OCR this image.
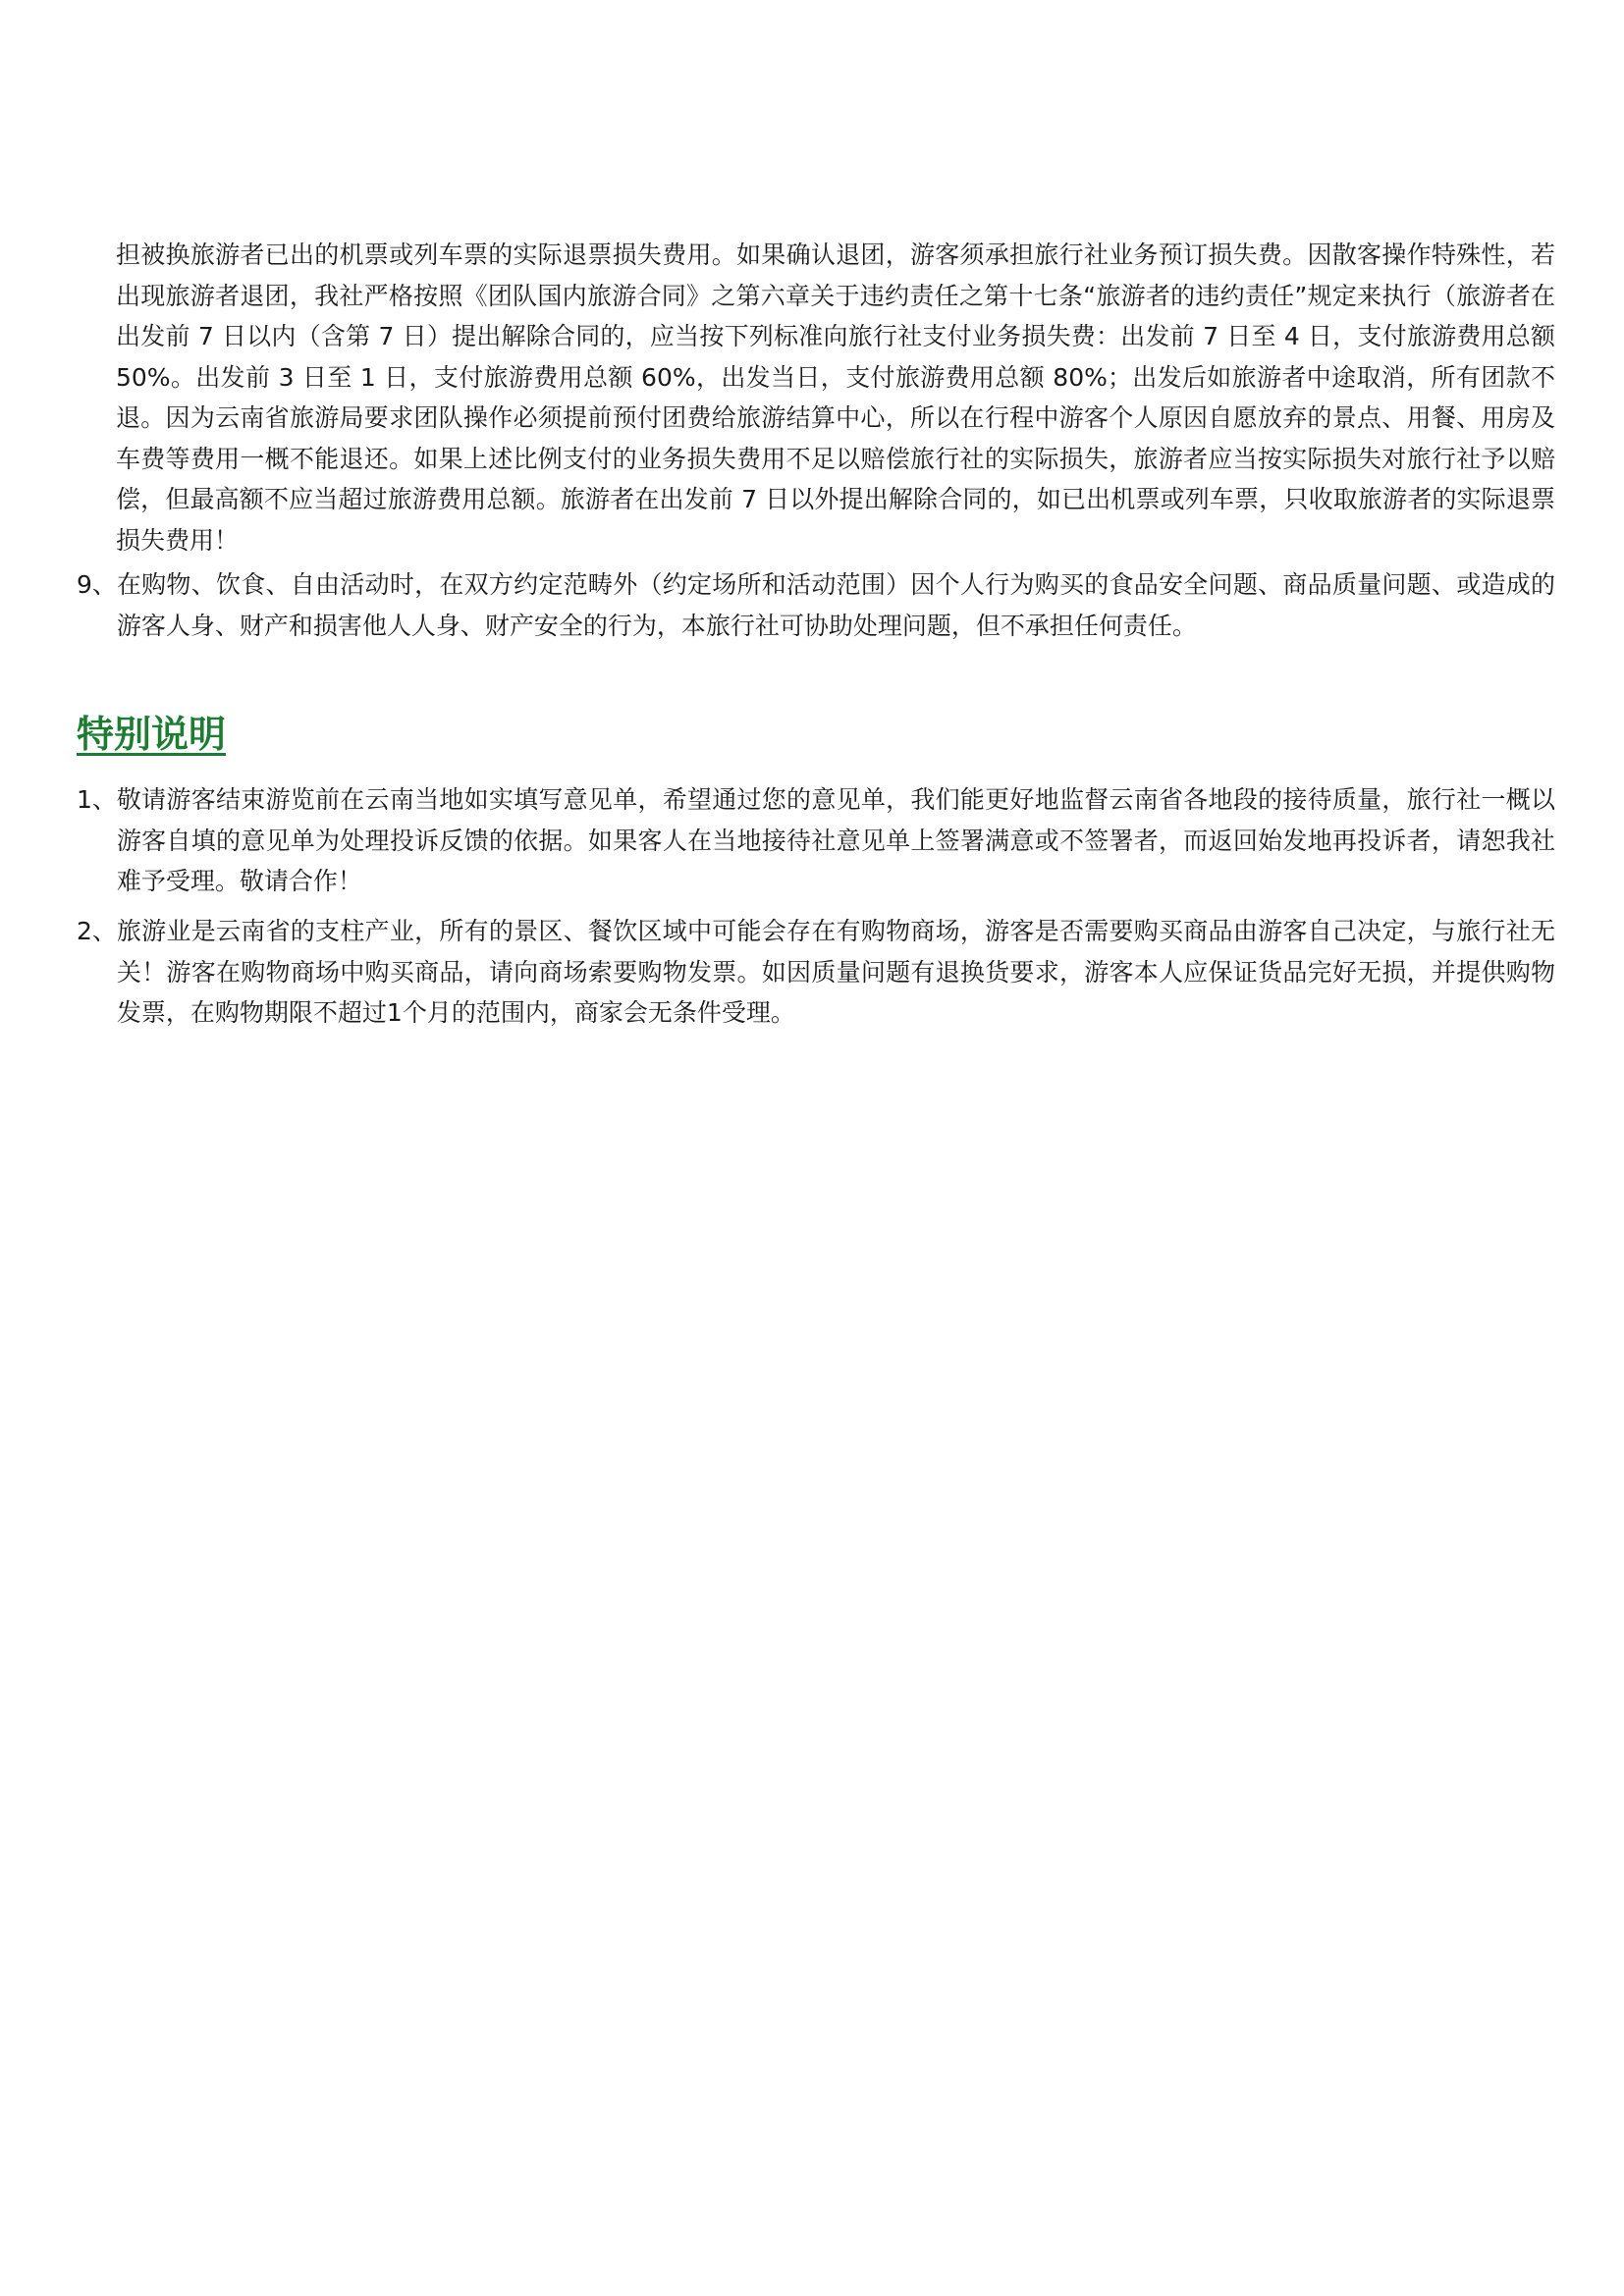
担被换旅游者已出的机票或列车票的实际退票损失费用。如果确认退团，游客须承担旅行社业务预订损失费。因散客操作特殊性，若出现旅游者退团，我社严格按照《团队国内旅游合同》之第六章关于违约责任之第十七条“旅游者的违约责任”规定来执行（旅游者在出发前 7 日以内（含第 7 日）提出解除合同的，应当按下列标准向旅行社支付业务损失费：出发前 7 日至 4 日，支付旅游费用总额 50%。出发前 3 日至 1 日，支付旅游费用总额 60%，出发当日，支付旅游费用总额 80%；出发后如旅游者中途取消，所有团款不退。因为云南省旅游局要求团队操作必须提前预付团费给旅游结算中心，所以在行程中游客个人原因自愿放弃的景点、用餐、用房及车费等费用一概不能退还。如果上述比例支付的业务损失费用不足以赔偿旅行社的实际损失，旅游者应当按实际损失对旅行社予以赔偿，但最高额不应当超过旅游费用总额。旅游者在出发前 7 日以外提出解除合同的，如已出机票或列车票，只收取旅游者的实际退票损失费用！

9、 在购物、饮食、自由活动时，在双方约定范畴外（约定场所和活动范围）因个人行为购买的食品安全问题、商品质量问题、或造成的游客人身、财产和损害他人人身、财产安全的行为，本旅行社可协助处理问题，但不承担任何责任。
特别说明
1、 敬请游客结束游览前在云南当地如实填写意见单，希望通过您的意见单，我们能更好地监督云南省各地段的接待质量，旅行社一概以游客自填的意见单为处理投诉反馈的依据。如果客人在当地接待社意见单上签署满意或不签署者，而返回始发地再投诉者，请恕我社难予受理。敬请合作！
2、 旅游业是云南省的支柱产业，所有的景区、餐饮区域中可能会存在有购物商场，游客是否需要购买商品由游客自己决定，与旅行社无关！游客在购物商场中购买商品，请向商场索要购物发票。如因质量问题有退换货要求，游客本人应保证货品完好无损，并提供购物发票，在购物期限不超过1个月的范围内，商家会无条件受理。
